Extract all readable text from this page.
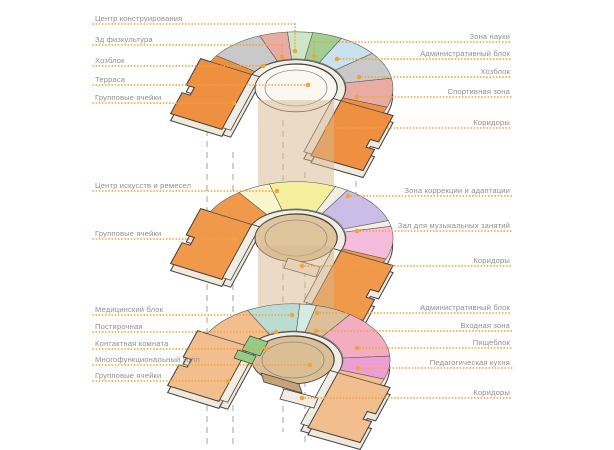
Центр конструирования
Зд физкультура
Хозблок
Терраса
Групповые ячейки
Зона науки
Административный блок
Хозблок
Спортивная зона
Коридоры
Центр искусств и ремесел
Групповые ячейки
Зона коррекции и адаптации
Зал для музыкальных занятий
Коридоры
Медицинский блок
Постирочная
Контактная комната
Многофункциональный холл
Групповые ячейки
Административный блок
Входная зона
Пищеблок
Педагогическая кухня
Коридоры
